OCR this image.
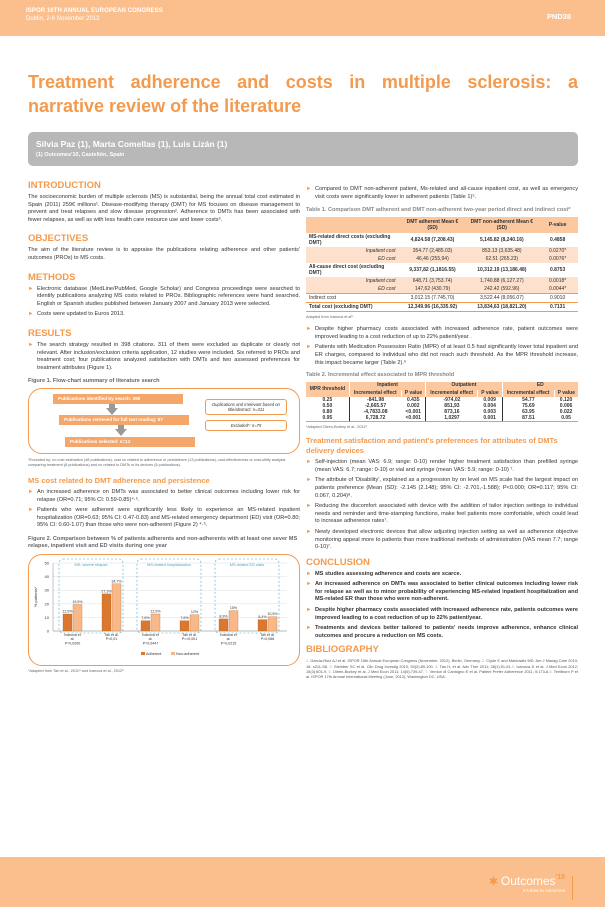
ISPOR 16TH ANNUAL EUROPEAN CONGRESS
Dublin, 2-6 November 2013	PND38
Treatment adherence and costs in multiple sclerosis: a narrative review of the literature
Silvia Paz (1), Marta Comellas (1), Luis Lizán (1)
(1) Outcomes'10, Castellón, Spain
INTRODUCTION

The socioeconomic burden of multiple sclerosis (MS) is substantial, being the annual total cost estimated in Spain (2011) 259€ millions¹. Disease-modifying therapy (DMT) for MS focuses on disease management to prevent and treat relapses and slow disease progression². Adherence to DMTs has been associated with fewer relapses, as well as with less health care resource use and lower costs³.

OBJECTIVES

The aim of the literature review is to appraise the publications relating adherence and other patients' outcomes (PROs) to MS costs.

METHODS
► Electronic database (MedLine/PubMed, Google Scholar) and Congress proceedings were searched to identify publications analyzing MS costs related to PROs. Bibliographic references were hand searched. English or Spanish studies published between January 2007 and January 2013 were selected.
► Costs were updated to Euros 2013.
RESULTS
► The search strategy resulted in 398 citations. 311 of them were excluded as duplicate or clearly not relevant. After inclusion/exclusion criteria application, 12 studies were included. Six referred to PROs and treatment cost; four publications analyzed satisfaction with DMTs and two assessed preferences for treatment attributes (Figure 1).
Figure 1. Flow-chart summary of literature search
Publications identified by search: 398
Publications retrieved for full text reading: 87
Publications selected: n=12
Duplications and irrelevant based on title/abstract: n=311
Excluded*: n=75
*Excluded by: no cost estimation (48 publications), cost no related to adherence or persistence (13 publications), cost-effectiveness or cost-utility analysis comparing treatment (8 publications) and no related to DMTs or its devices (6 publications).
MS cost related to DMT adherence and persistence
► An increased adherence on DMTs was associated to better clinical outcomes including lower risk for relapse (OR=0.71; 95% CI: 0.59-0.85)⁴·⁵.
► Patients who were adherent were significantly less likely to experience an MS-related inpatient hospitalization (OR=0.63; 95% CI: 0.47-0.83) and MS-related emergency department (ED) visit (OR=0.80; 95% CI: 0.60-1.07) than those who were non-adherent (Figure 2) ⁴·⁵.
Figure 2. Comparison between % of patients adherents and non-adherents with at least one sever MS relapse, inpatient visit and ED visits during one year
% patients*
0
10
20
30
40
50	MS- severe relapse	MS-related hospitalization	MS-related ED visits
12,5%
19,5%
Ivanova et
al.
P=0,0200
27,3%
34,7%
Tan et al.
P<0,01
7,6%
12,5%
Ivanova et
al.
P=0,0447
7,6%
12%
Tan et al.
P=<0,001
8,9%
15%
Ivanova et
al.
P=0,0215
8,4%
10,5%
Tan et al.
P=0,068
Adherent	Non-adherent
*Adapted from Tan et al., 2011⁴ and Ivanova et al., 2012⁵
► Compared to DMT non-adherent patient, Ms-related and all-cause inpatient cost, as well as emergency visit costs were significantly lower in adherent patients (Table 1)⁵.
Table 1. Comparison DMT adherent and DMT non-adherent two-year period direct and indirect cost*
	DMT adherent Mean € (SD)	DMT non-adherent Mean € (SD)	P-value
MS-related direct costs (excluding DMT)	4,824.58 (7,208.43)	5,145.82 (8,240.16)	0.4858
Inpatient cost	354.77 (2,485.03)	853.13 (3,635.48)	0.0270*
ED cost	46,46 (255,94)	62.51 (265.23)	0.0076*
All-cause direct cost (excluding DMT)	9,337,82 (1,1816.55)	10,312.19 (13,186.48)	0.8753
Inpatient cost	648,71 (3,753.74)	1,740.88 (6,127.27)	0.0018*
ED cost	147,62 (430.79)	242.42 (592.96)	0.0044*
Indirect cost	3,012.15 (7.745,70)	3,522.44 (8,056.07)	0.9010
Total cost (excluding DMT)	12,349.96 (16,335.92)	13,834,63 (18,821.20)	0.7131
Adapted from Ivanova et al⁵.
► Despite higher pharmacy costs associated with increased adherence rate, patient outcomes were improved leading to a cost reduction of up to 22% patient/year .
► Patients with Medication Possession Ratio (MPR) of at least 0.5 had significantly lower total inpatient and ER charges, compared to individual who did not reach such threshold. As the MPR threshold increase, this impact became larger (Table 2).⁶
Table 2. Incremental effect associated to MPR threshold
MPR threshold	Inpatient		Outpatient		ED	
	Incremental effect	P value	Incremental effect	P value	Incremental effect	P value
0.25	-841.98	0.435	-974,02	0.009	54.77	0.120
0.50	-2,665.57	0.002	851,93	0.004	75.69	0.006
0.80	-4,7833.08	<0.001	873,16	0.003	63.95	0.022
0.95	6,728.72	<0.001	1,0297	0.001	87.51	0.05
*Adapted Oleen-Burkey et al., 2011⁶
Treatment satisfaction and patient's preferences for attributes of DMTs delivery devices
► Self-injection (mean VAS: 6.9; range: 0-10) render higher treatment satisfaction than prefilled syringe (mean VAS: 6.7; range: 0-10) or vial and syringe (mean VAS: 5.9; range: 0-10) ⁷.
► The attribute of 'Disability', explained as a progression by on level on MS scale had the largest impact on patients preference (Mean (SD): -2.145 (2.148); 95% CI: -2.701,-1.588); P<0.000; OR=0.117; 95% CI: 0.067, 0.204)⁸.
► Reducing the discomfort associated with device with the addition of tailor injection settings to individual needs and reminder and time-stamping functions, make feel patients more comfortable, which could lead to increase adherence rates⁷.
► Newly developed electronic devices that allow adjusting injection setting as well as adherence objective monitoring appeal more to patients than more traditional methods of administration (VAS mean 7.7; range 0-10)⁷.
CONCLUSION
► MS studies assessing adherence and costs are scarce.
► An increased adherence on DMTs was associated to better clinical outcomes including lower risk for relapse as well as to minor probability of experiencing MS-related inpatient hospitalization and MS-related ER than those who were non-adherent.
► Despite higher pharmacy costs associated with increased adherence rate, patients outcomes were improved leading to a cost reduction of up to 22% patient/year.
► Treatments and devices better tailored to patients' needs improve adherence, enhance clinical outcomes and procure a reduction on MS costs.
BIBLIOGRAPHY
1. García-Ruiz AJ et al. ISPOR 15th Annual European Congress (November, 2012), Berlin, Germany. 2. Clyde E and Markowitz MD. Am J Manag Care 2010; 16: s211-S8. 3. Steinber SC et al. Clin Drug Investig 2010; 30(2):89-100. 4. Tan H, et al. Adv Ther 2011; 28(1):51-61.5. Ivanova JI et al. J Med Econ 2012; 15(3):601-9. 6. Oleen-Burkey et al. J Med Econ 2011; 14(6):739-47. 7. Verdun di Cantogno E et al. Patient Prefer Adherence 2011; 5:173-8.8. Teeltborn P et al. ISPOR 17th Annual International Meeting (June, 2012), Washington DC, USA.
✱ Outcomes$^{'10}$
It's time to outcomes
